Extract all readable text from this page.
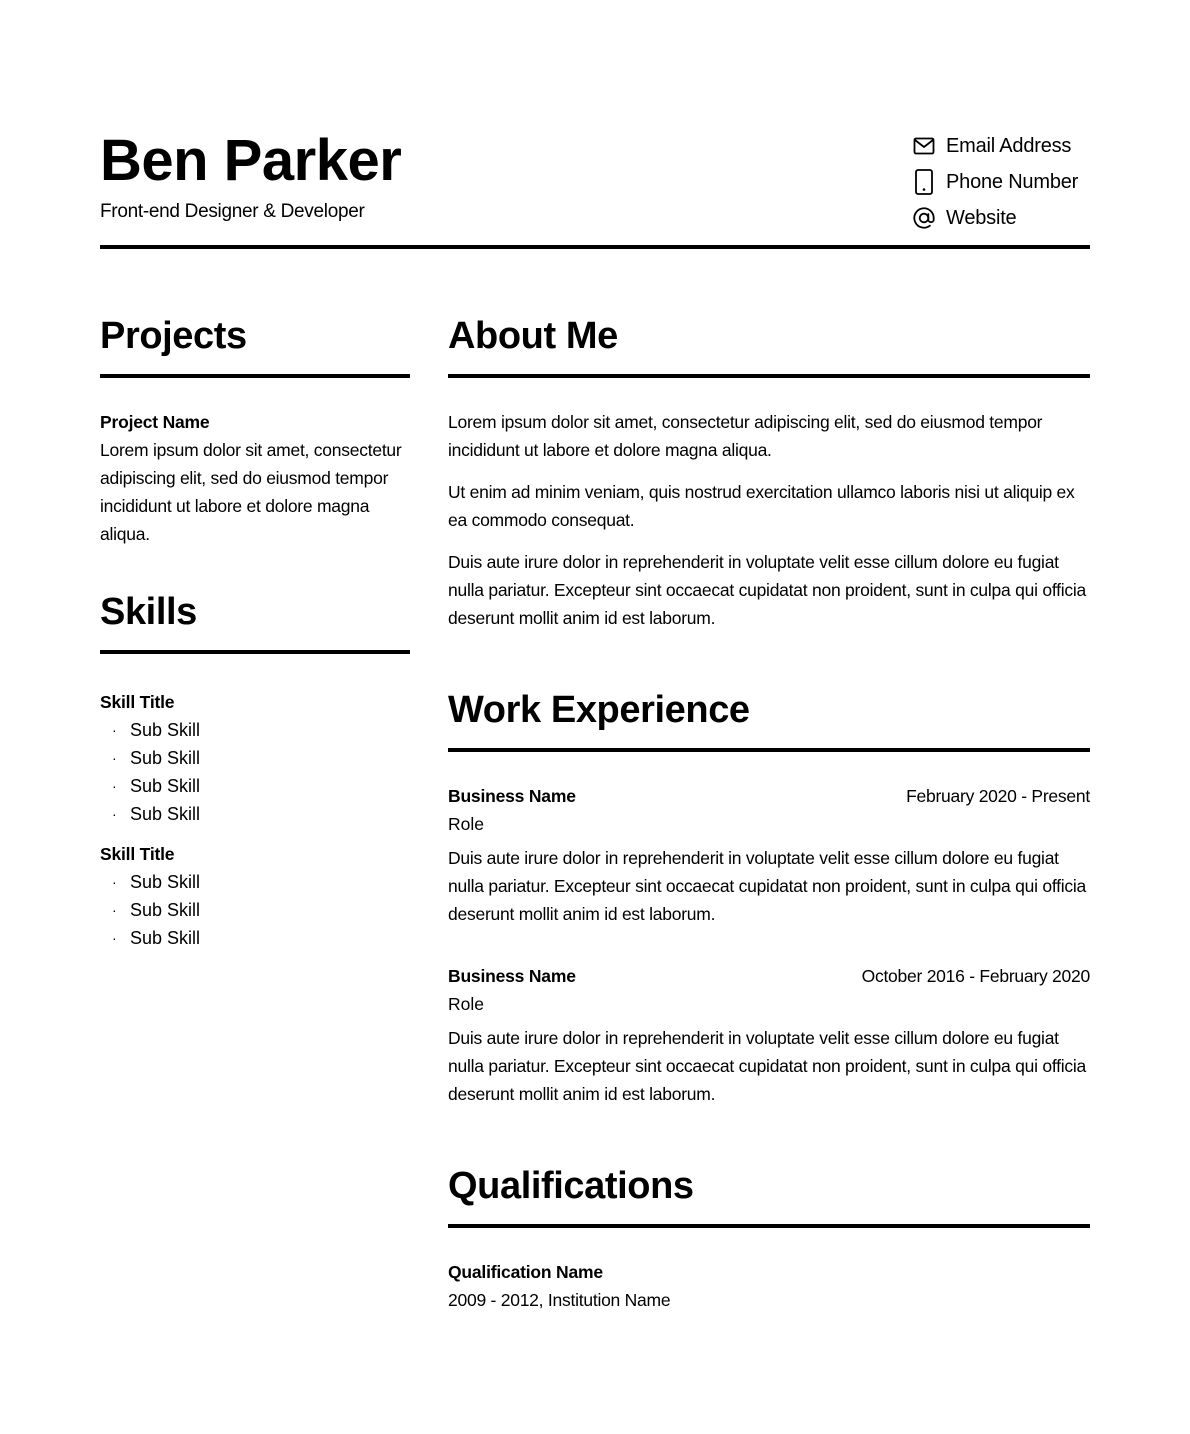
Ben Parker
Front-end Designer & Developer
Email Address
Phone Number
Website
Projects
Project Name
Lorem ipsum dolor sit amet, consectetur adipiscing elit, sed do eiusmod tempor incididunt ut labore et dolore magna aliqua.
Skills
Skill Title
· Sub Skill
· Sub Skill
· Sub Skill
· Sub Skill
Skill Title
· Sub Skill
· Sub Skill
· Sub Skill
About Me

Lorem ipsum dolor sit amet, consectetur adipiscing elit, sed do eiusmod tempor incididunt ut labore et dolore magna aliqua.

Ut enim ad minim veniam, quis nostrud exercitation ullamco laboris nisi ut aliquip ex ea commodo consequat.

Duis aute irure dolor in reprehenderit in voluptate velit esse cillum dolore eu fugiat nulla pariatur. Excepteur sint occaecat cupidatat non proident, sunt in culpa qui officia deserunt mollit anim id est laborum.

Work Experience
Business Name	February 2020 - Present
Role
Duis aute irure dolor in reprehenderit in voluptate velit esse cillum dolore eu fugiat nulla pariatur. Excepteur sint occaecat cupidatat non proident, sunt in culpa qui officia deserunt mollit anim id est laborum.
Business Name	October 2016 - February 2020
Role
Duis aute irure dolor in reprehenderit in voluptate velit esse cillum dolore eu fugiat nulla pariatur. Excepteur sint occaecat cupidatat non proident, sunt in culpa qui officia deserunt mollit anim id est laborum.
Qualifications
Qualification Name
2009 - 2012, Institution Name
